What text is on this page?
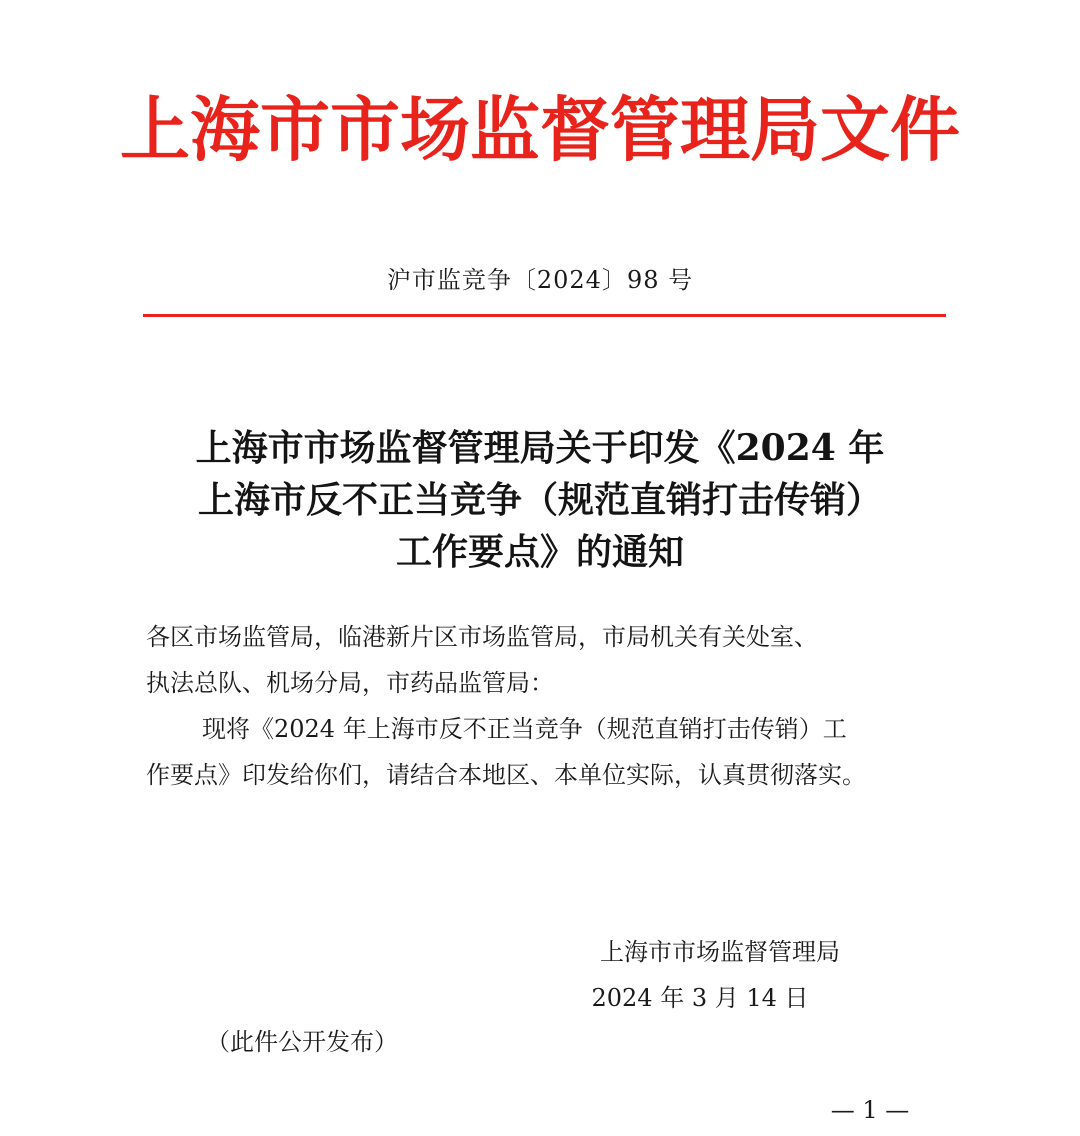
上海市市场监督管理局文件
沪市监竞争〔2024〕98 号
上海市市场监督管理局关于印发《2024 年
上海市反不正当竞争（规范直销打击传销）
工作要点》的通知
各区市场监管局，临港新片区市场监管局，市局机关有关处室、
执法总队、机场分局，市药品监管局：
现将《2024 年上海市反不正当竞争（规范直销打击传销）工
作要点》印发给你们，请结合本地区、本单位实际，认真贯彻落实。
上海市市场监督管理局
2024 年 3 月 14 日
（此件公开发布）
— 1 —
